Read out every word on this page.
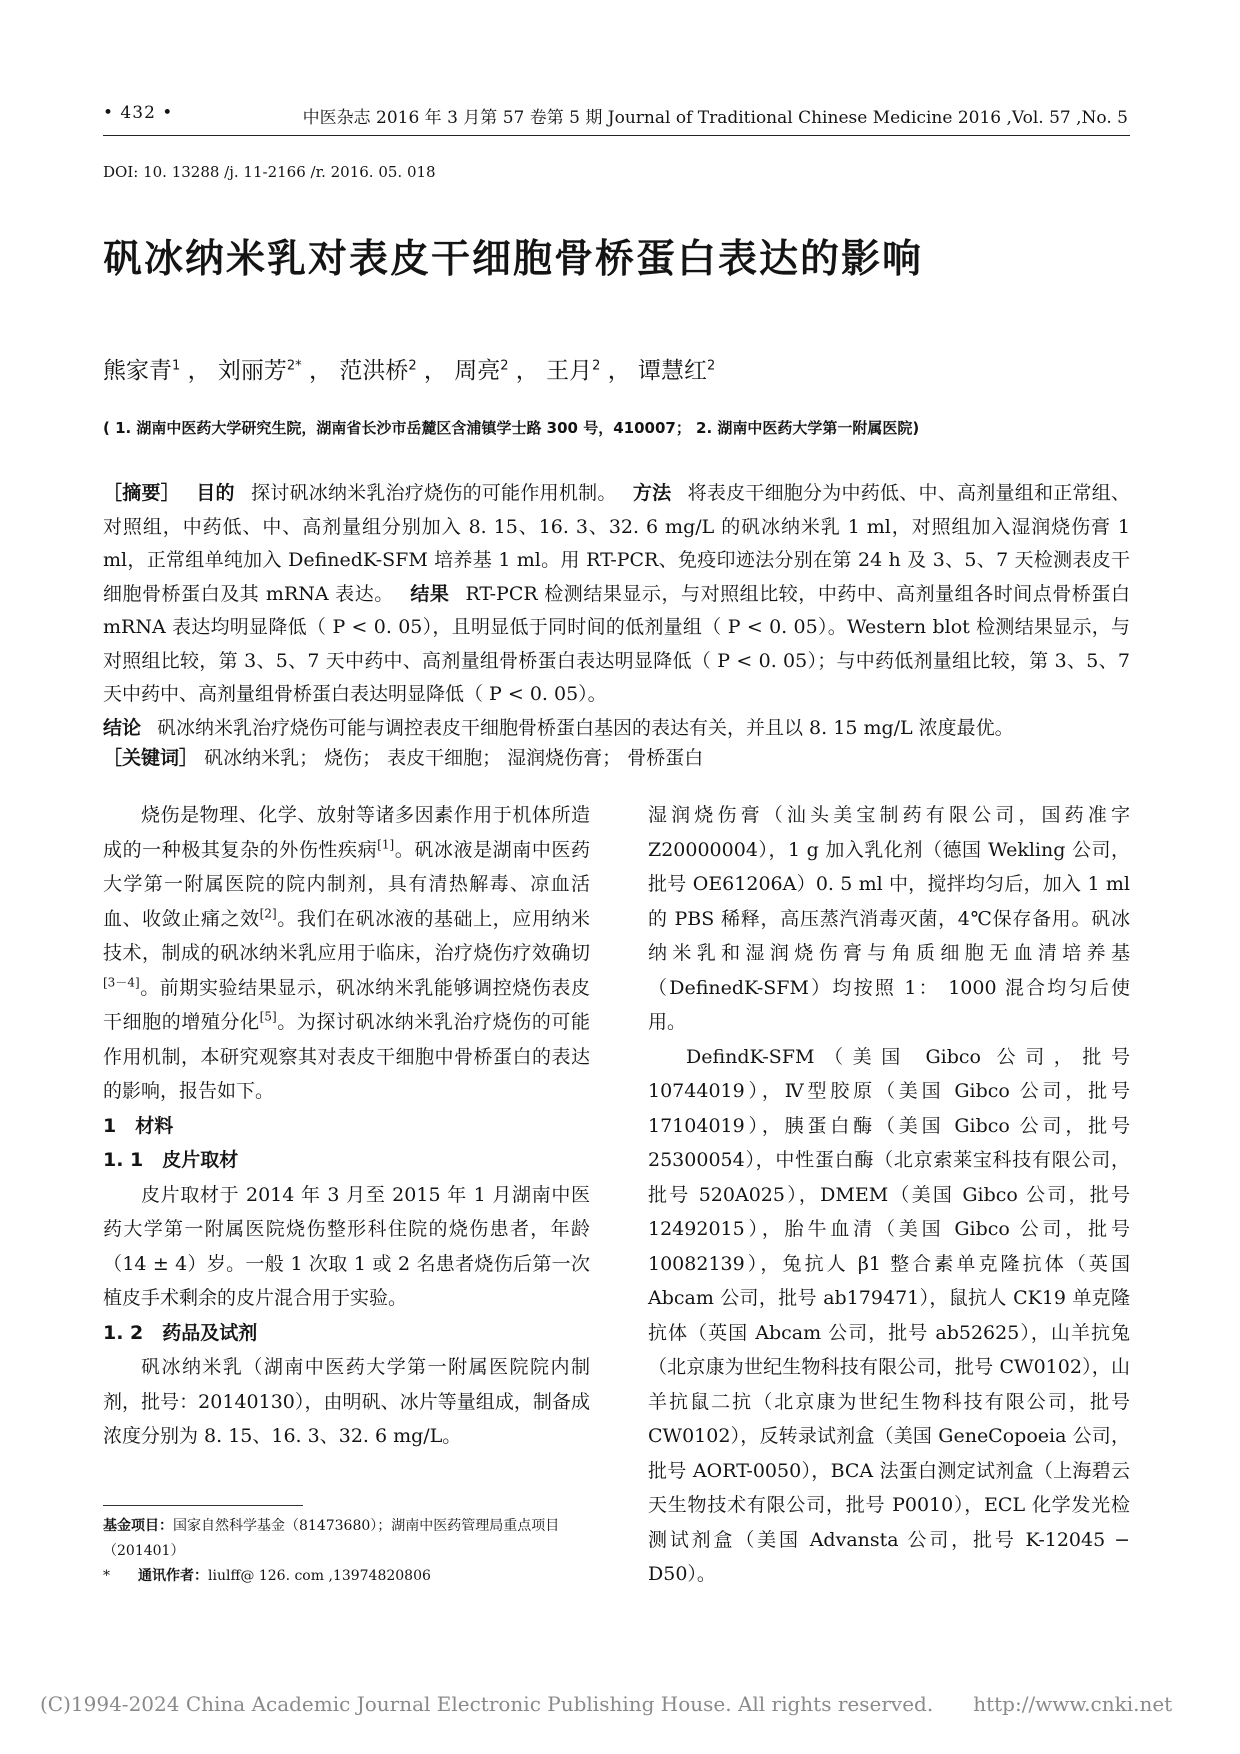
• 432 •	中医杂志 2016 年 3 月第 57 卷第 5 期 Journal of Traditional Chinese Medicine 2016 ,Vol. 57 ,No. 5
DOI: 10. 13288 /j. 11-2166 /r. 2016. 05. 018
矾冰纳米乳对表皮干细胞骨桥蛋白表达的影响
熊家青$^1$ ， 刘丽芳$^{2*}$ ， 范洪桥$^2$ ， 周亮$^2$ ， 王月$^2$ ， 谭慧红$^2$
( 1. 湖南中医药大学研究生院，湖南省长沙市岳麓区含浦镇学士路 300 号，410007； 2. 湖南中医药大学第一附属医院)
［摘要］ 目的 探讨矾冰纳米乳治疗烧伤的可能作用机制。 方法 将表皮干细胞分为中药低、中、高剂量组和正常组、对照组，中药低、中、高剂量组分别加入 8. 15、16. 3、32. 6 mg/L 的矾冰纳米乳 1 ml，对照组加入湿润烧伤膏 1 ml，正常组单纯加入 DefinedK-SFM 培养基 1 ml。用 RT-PCR、免疫印迹法分别在第 24 h 及 3、5、7 天检测表皮干细胞骨桥蛋白及其 mRNA 表达。 结果 RT-PCR 检测结果显示，与对照组比较，中药中、高剂量组各时间点骨桥蛋白 mRNA 表达均明显降低（ P < 0. 05），且明显低于同时间的低剂量组（ P < 0. 05）。Western blot 检测结果显示，与对照组比较，第 3、5、7 天中药中、高剂量组骨桥蛋白表达明显降低（ P < 0. 05）；与中药低剂量组比较，第 3、5、7 天中药中、高剂量组骨桥蛋白表达明显降低（ P < 0. 05）。
结论 矾冰纳米乳治疗烧伤可能与调控表皮干细胞骨桥蛋白基因的表达有关，并且以 8. 15 mg/L 浓度最优。
［关键词］ 矾冰纳米乳； 烧伤； 表皮干细胞； 湿润烧伤膏； 骨桥蛋白

烧伤是物理、化学、放射等诸多因素作用于机体所造成的一种极其复杂的外伤性疾病[1]。矾冰液是湖南中医药大学第一附属医院的院内制剂，具有清热解毒、凉血活血、收敛止痛之效[2]。我们在矾冰液的基础上，应用纳米技术，制成的矾冰纳米乳应用于临床，治疗烧伤疗效确切[3－4]。前期实验结果显示，矾冰纳米乳能够调控烧伤表皮干细胞的增殖分化[5]。为探讨矾冰纳米乳治疗烧伤的可能作用机制，本研究观察其对表皮干细胞中骨桥蛋白的表达的影响，报告如下。

1　材料

1. 1　皮片取材

皮片取材于 2014 年 3 月至 2015 年 1 月湖南中医药大学第一附属医院烧伤整形科住院的烧伤患者，年龄（14 ± 4）岁。一般 1 次取 1 或 2 名患者烧伤后第一次植皮手术剩余的皮片混合用于实验。

1. 2　药品及试剂

矾冰纳米乳（湖南中医药大学第一附属医院院内制剂，批号：20140130），由明矾、冰片等量组成，制备成浓度分别为 8. 15、16. 3、32. 6 mg/L。

湿润烧伤膏（汕头美宝制药有限公司，国药准字 Z20000004），1 g 加入乳化剂（德国 Wekling 公司，批号 OE61206A）0. 5 ml 中，搅拌均匀后，加入 1 ml 的 PBS 稀释，高压蒸汽消毒灭菌，4℃保存备用。矾冰纳米乳和湿润烧伤膏与角质细胞无血清培养基（DefinedK-SFM）均按照 1： 1000 混合均匀后使用。

DefindK-SFM（美国 Gibco 公司，批号 10744019），Ⅳ型胶原（美国 Gibco 公司，批号 17104019），胰蛋白酶（美国 Gibco 公司，批号 25300054），中性蛋白酶（北京索莱宝科技有限公司，批号 520A025），DMEM（美国 Gibco 公司，批号 12492015），胎牛血清（美国 Gibco 公司，批号 10082139），兔抗人 β1 整合素单克隆抗体（英国 Abcam 公司，批号 ab179471），鼠抗人 CK19 单克隆抗体（英国 Abcam 公司，批号 ab52625），山羊抗兔（北京康为世纪生物科技有限公司，批号 CW0102），山羊抗鼠二抗（北京康为世纪生物科技有限公司，批号 CW0102），反转录试剂盒（美国 GeneCopoeia 公司，批号 AORT-0050），BCA 法蛋白测定试剂盒（上海碧云天生物技术有限公司，批号 P0010），ECL 化学发光检测试剂盒（美国 Advansta 公司，批号 K-12045 − D50）。

基金项目：国家自然科学基金（81473680）；湖南中医药管理局重点项目（201401）

*　　 通讯作者：liulff@ 126. com ,13974820806

(C)1994-2024 China Academic Journal Electronic Publishing House. All rights reserved.　　http://www.cnki.net
